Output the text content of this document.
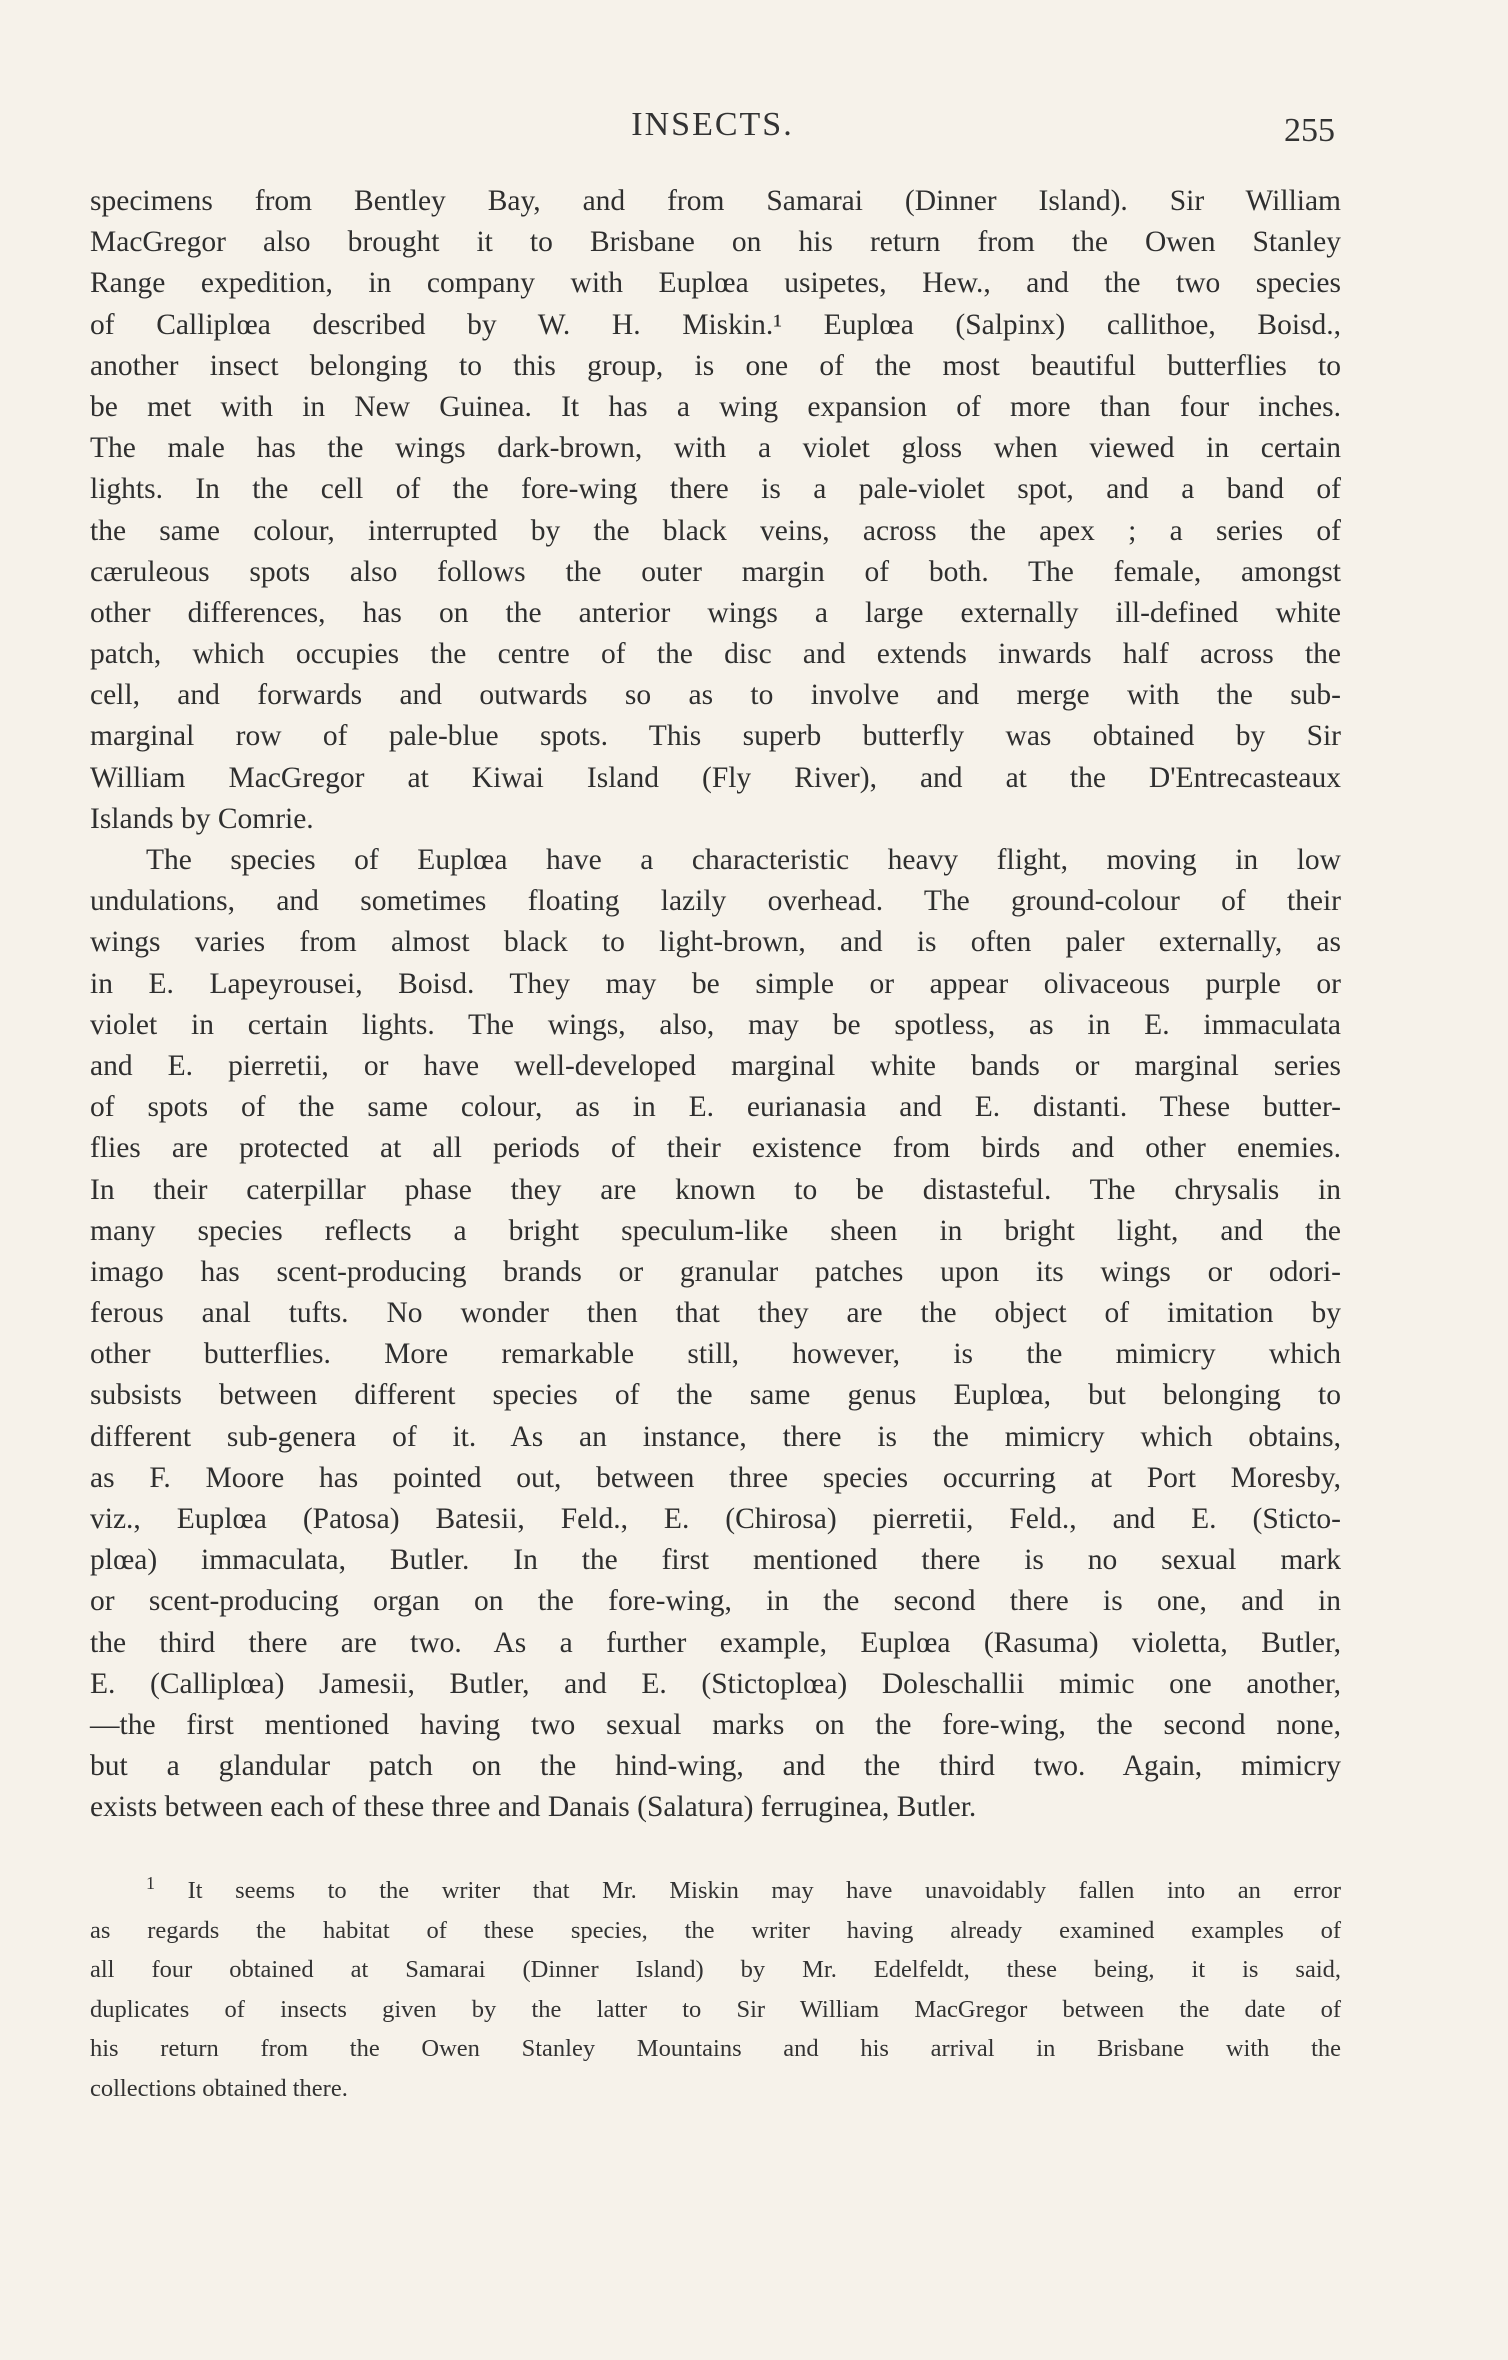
INSECTS.	255
specimens from Bentley Bay, and from Samarai (Dinner Island). Sir William
MacGregor also brought it to Brisbane on his return from the Owen Stanley
Range expedition, in company with Euplœa usipetes, Hew., and the two species
of Calliplœa described by W. H. Miskin.¹ Euplœa (Salpinx) callithoe, Boisd.,
another insect belonging to this group, is one of the most beautiful butterflies to
be met with in New Guinea. It has a wing expansion of more than four inches.
The male has the wings dark-brown, with a violet gloss when viewed in certain
lights. In the cell of the fore-wing there is a pale-violet spot, and a band of
the same colour, interrupted by the black veins, across the apex ; a series of
cæruleous spots also follows the outer margin of both. The female, amongst
other differences, has on the anterior wings a large externally ill-defined white
patch, which occupies the centre of the disc and extends inwards half across the
cell, and forwards and outwards so as to involve and merge with the sub-
marginal row of pale-blue spots. This superb butterfly was obtained by Sir
William MacGregor at Kiwai Island (Fly River), and at the D'Entrecasteaux
Islands by Comrie.
The species of Euplœa have a characteristic heavy flight, moving in low
undulations, and sometimes floating lazily overhead. The ground-colour of their
wings varies from almost black to light-brown, and is often paler externally, as
in E. Lapeyrousei, Boisd. They may be simple or appear olivaceous purple or
violet in certain lights. The wings, also, may be spotless, as in E. immaculata
and E. pierretii, or have well-developed marginal white bands or marginal series
of spots of the same colour, as in E. eurianasia and E. distanti. These butter-
flies are protected at all periods of their existence from birds and other enemies.
In their caterpillar phase they are known to be distasteful. The chrysalis in
many species reflects a bright speculum-like sheen in bright light, and the
imago has scent-producing brands or granular patches upon its wings or odori-
ferous anal tufts. No wonder then that they are the object of imitation by
other butterflies. More remarkable still, however, is the mimicry which
subsists between different species of the same genus Euplœa, but belonging to
different sub-genera of it. As an instance, there is the mimicry which obtains,
as F. Moore has pointed out, between three species occurring at Port Moresby,
viz., Euplœa (Patosa) Batesii, Feld., E. (Chirosa) pierretii, Feld., and E. (Sticto-
plœa) immaculata, Butler. In the first mentioned there is no sexual mark
or scent-producing organ on the fore-wing, in the second there is one, and in
the third there are two. As a further example, Euplœa (Rasuma) violetta, Butler,
E. (Calliplœa) Jamesii, Butler, and E. (Stictoplœa) Doleschallii mimic one another,
—the first mentioned having two sexual marks on the fore-wing, the second none,
but a glandular patch on the hind-wing, and the third two. Again, mimicry
exists between each of these three and Danais (Salatura) ferruginea, Butler.
$^1$ It seems to the writer that Mr. Miskin may have unavoidably fallen into an error
as regards the habitat of these species, the writer having already examined examples of
all four obtained at Samarai (Dinner Island) by Mr. Edelfeldt, these being, it is said,
duplicates of insects given by the latter to Sir William MacGregor between the date of
his return from the Owen Stanley Mountains and his arrival in Brisbane with the
collections obtained there.
